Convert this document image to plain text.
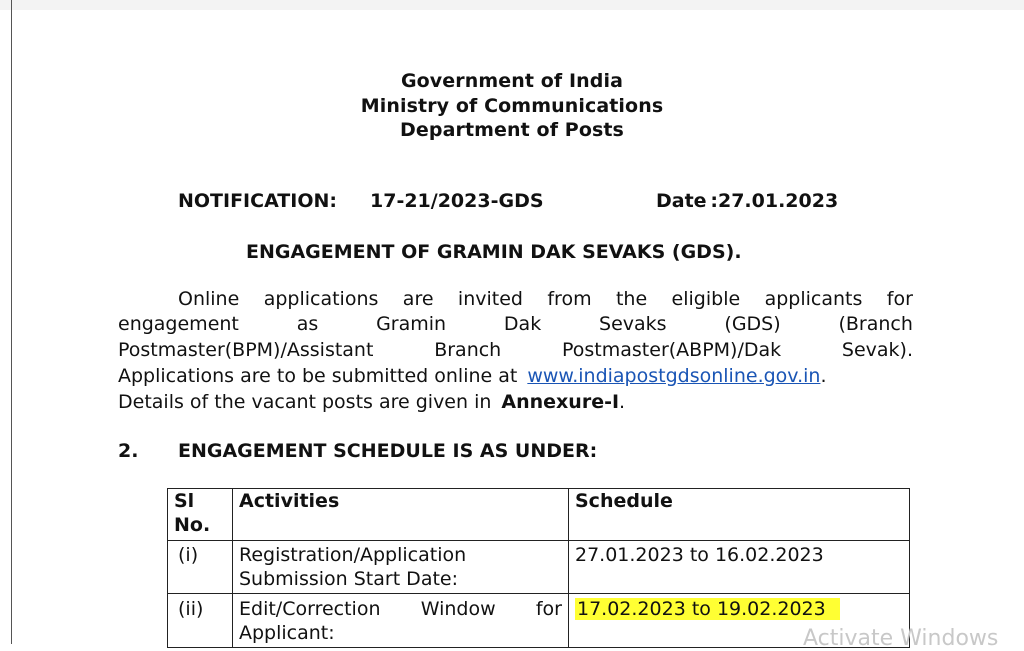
Government of India
Ministry of Communications
Department of Posts
NOTIFICATION: 17-21/2023-GDS	Date :27.01.2023
ENGAGEMENT OF GRAMIN DAK SEVAKS (GDS).
Online applications are invited from the eligible applicants for
engagement	as	Gramin	Dak	Sevaks	(GDS)	(Branch
Postmaster(BPM)/Assistant	Branch	Postmaster(ABPM)/Dak	Sevak).
Applications are to be submitted online at www.indiapostgdsonline.gov.in.
Details of the vacant posts are given in Annexure-I.
2. ENGAGEMENT SCHEDULE IS AS UNDER:
Sl
No.	Activities	Schedule
(i)	Registration/Application Submission Start Date:	27.01.2023 to 16.02.2023
(ii)	Edit/Correction    Window    for Applicant:	17.02.2023 to 19.02.2023
Activate Windows
